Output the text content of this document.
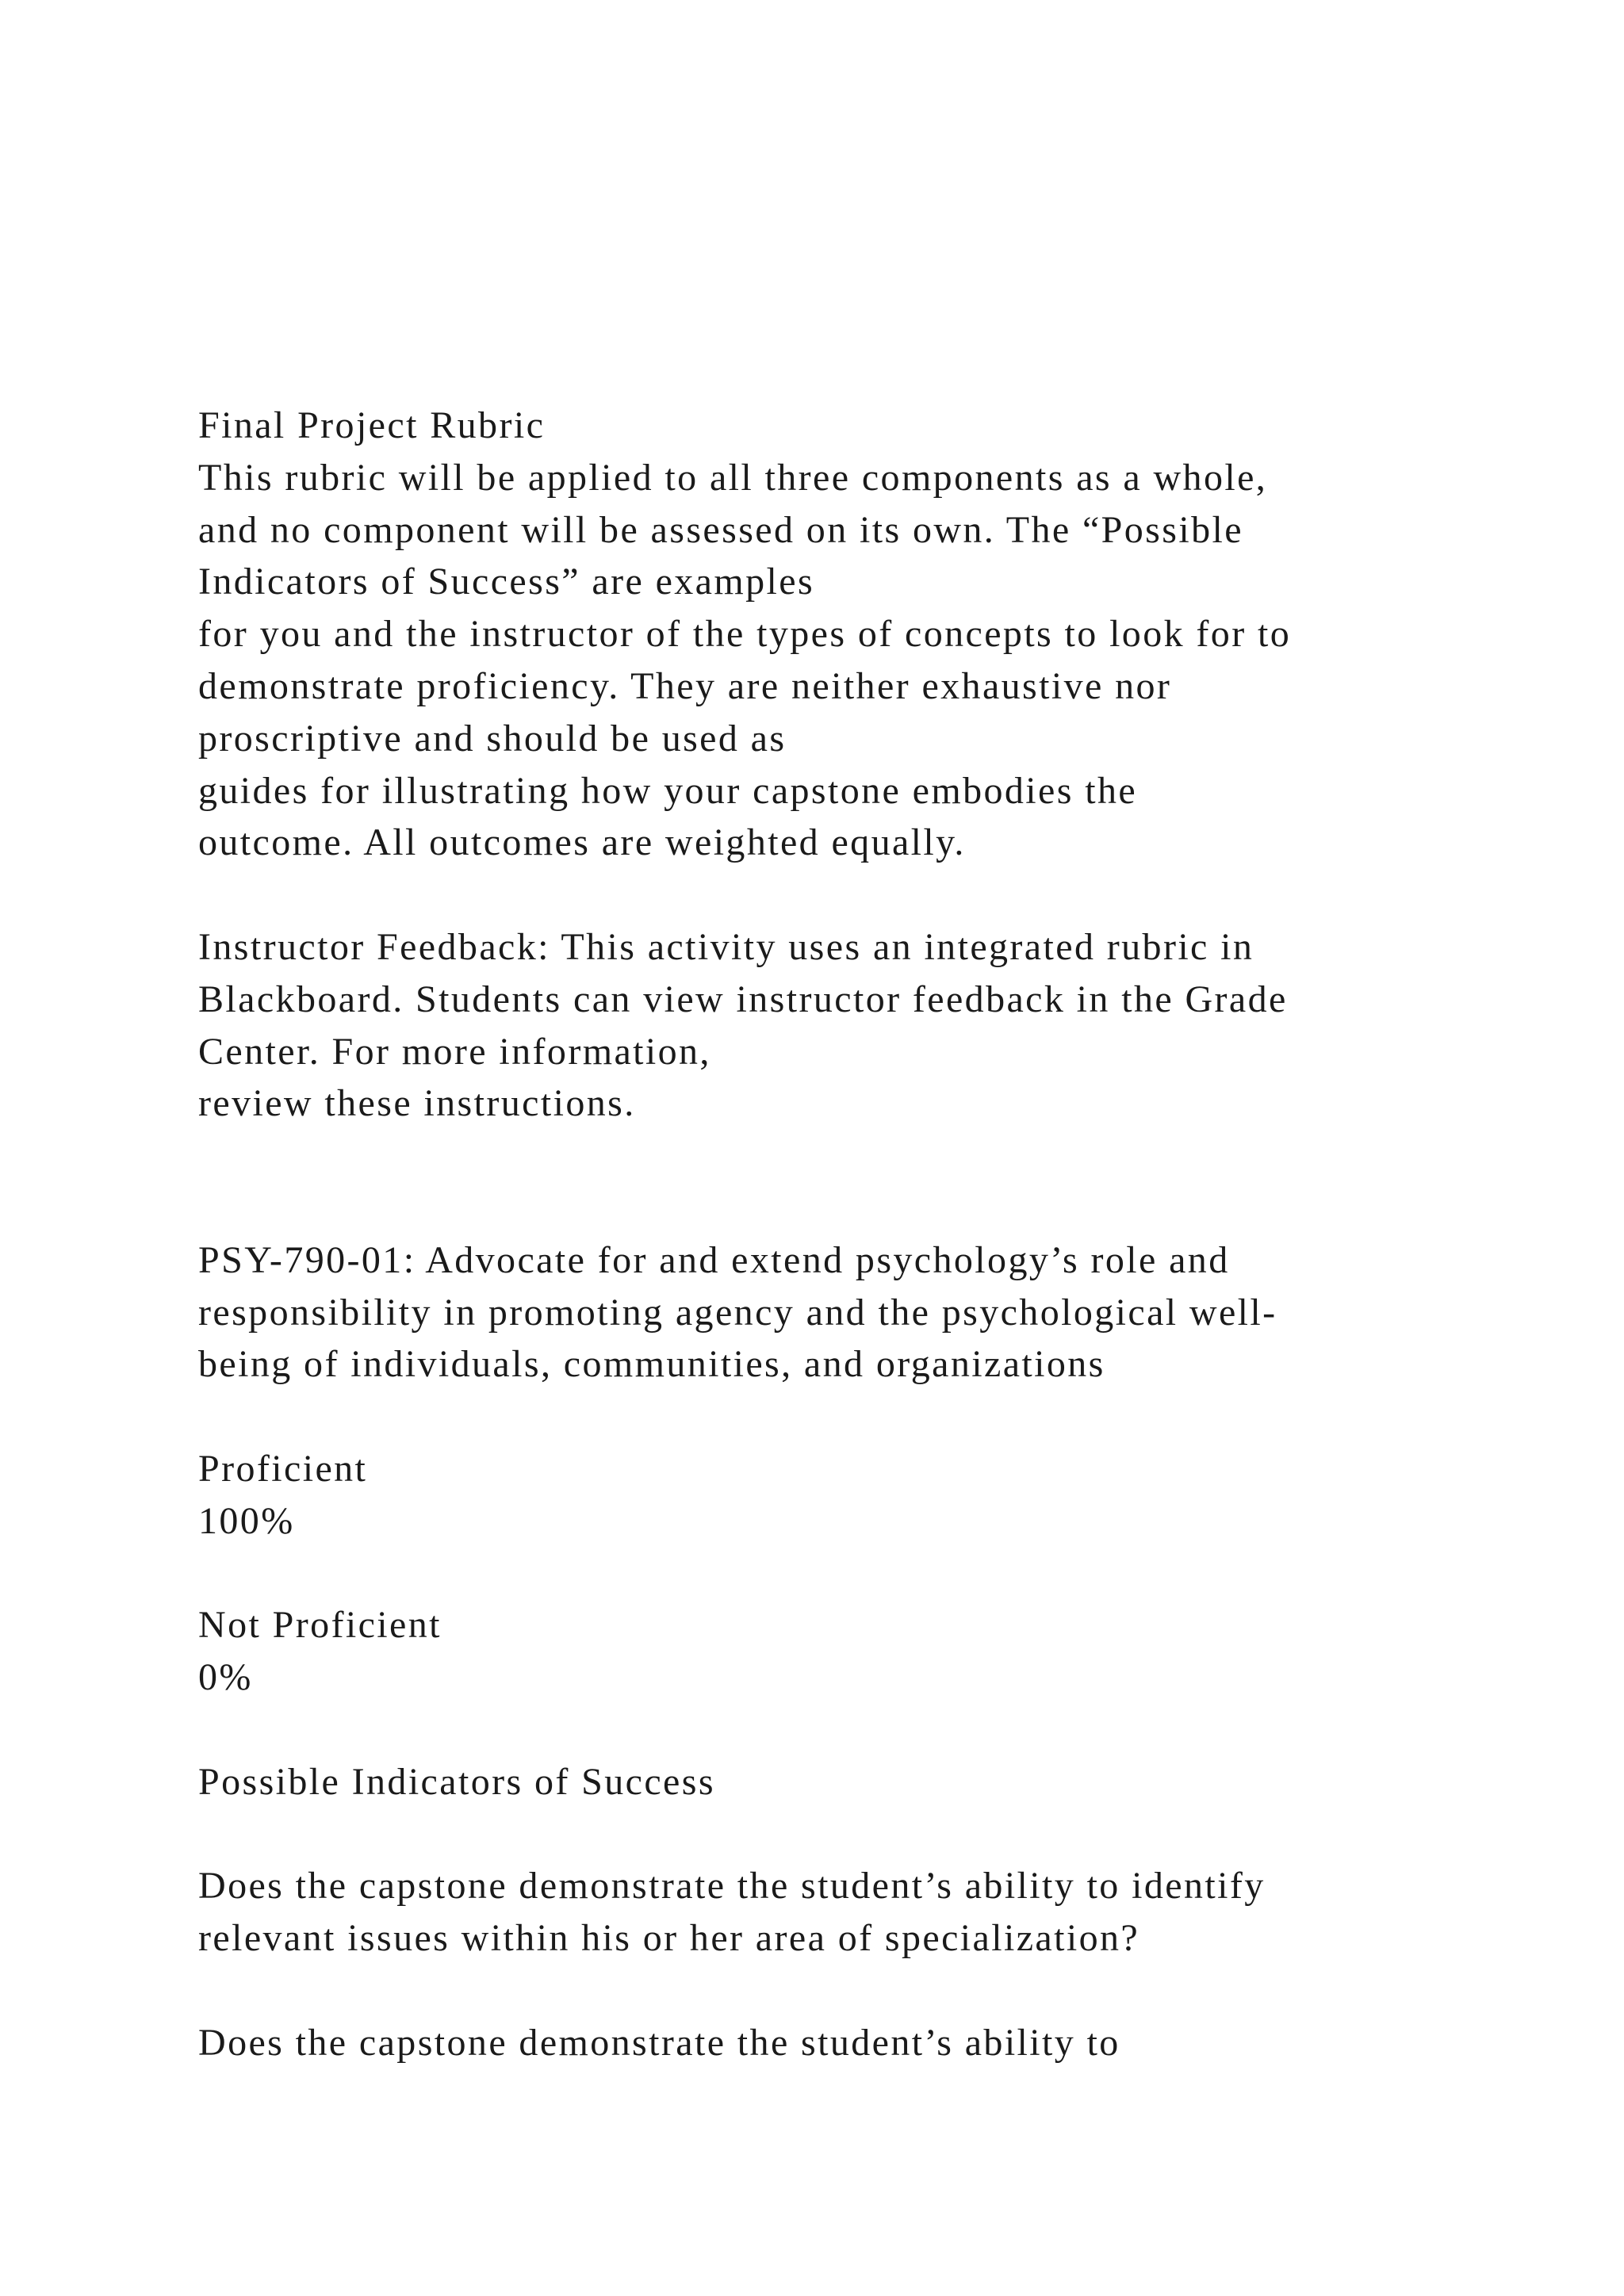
Final Project Rubric
This rubric will be applied to all three components as a whole,
and no component will be assessed on its own. The “Possible
Indicators of Success” are examples
for you and the instructor of the types of concepts to look for to
demonstrate proficiency. They are neither exhaustive nor
proscriptive and should be used as
guides for illustrating how your capstone embodies the
outcome. All outcomes are weighted equally.
Instructor Feedback: This activity uses an integrated rubric in
Blackboard. Students can view instructor feedback in the Grade
Center. For more information,
review these instructions.
PSY-790-01: Advocate for and extend psychology’s role and
responsibility in promoting agency and the psychological well-
being of individuals, communities, and organizations
Proficient
100%
Not Proficient
0%
Possible Indicators of Success
Does the capstone demonstrate the student’s ability to identify
relevant issues within his or her area of specialization?
Does the capstone demonstrate the student’s ability to
